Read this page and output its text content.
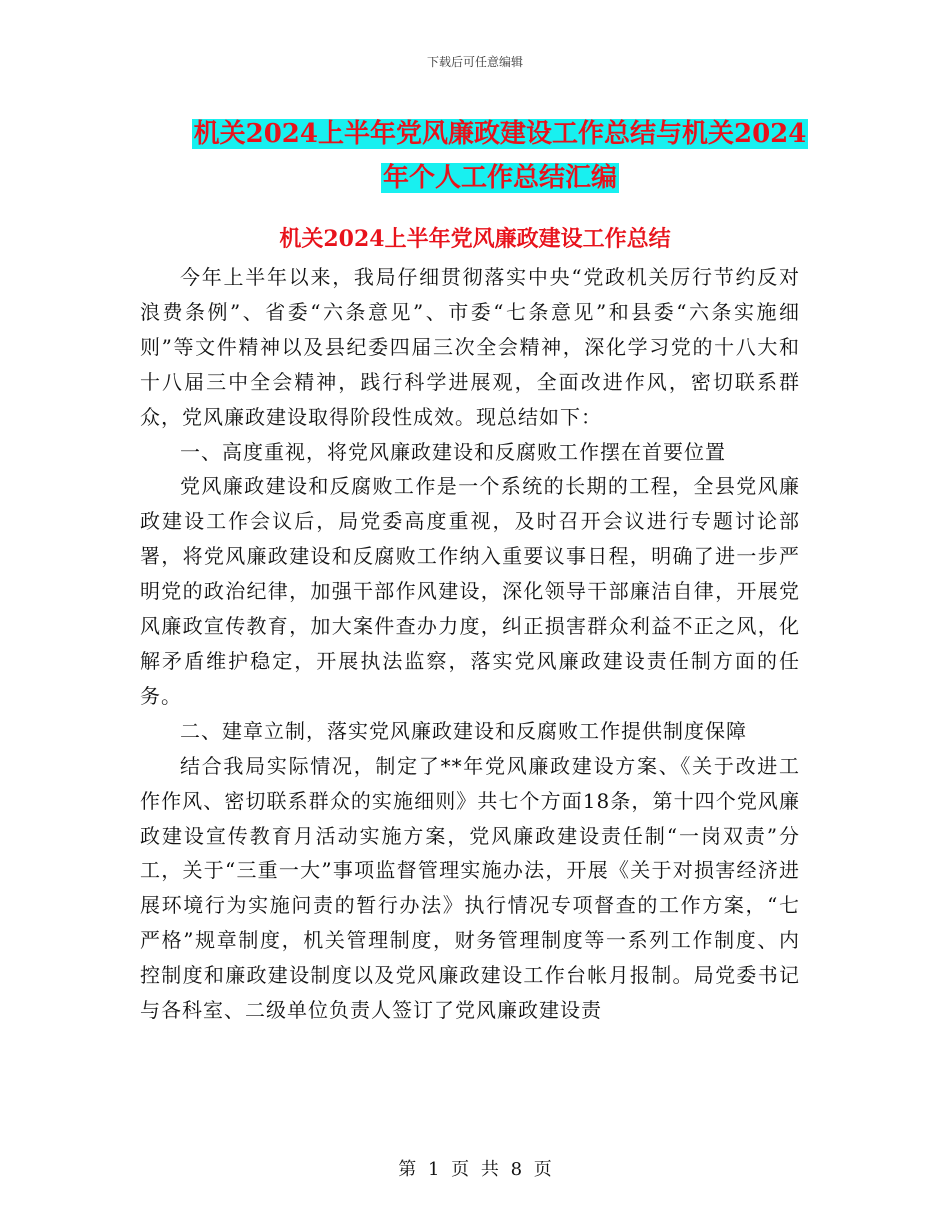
下载后可任意编辑
机关2024上半年党风廉政建设工作总结与机关2024
年个人工作总结汇编
机关2024上半年党风廉政建设工作总结

今年上半年以来，我局仔细贯彻落实中央“党政机关厉行节约反对浪费条例”、省委“六条意见”、市委“七条意见”和县委“六条实施细则”等文件精神以及县纪委四届三次全会精神，深化学习党的十八大和十八届三中全会精神，践行科学进展观，全面改进作风，密切联系群众，党风廉政建设取得阶段性成效。现总结如下：

一、高度重视，将党风廉政建设和反腐败工作摆在首要位置

党风廉政建设和反腐败工作是一个系统的长期的工程，全县党风廉政建设工作会议后，局党委高度重视，及时召开会议进行专题讨论部署，将党风廉政建设和反腐败工作纳入重要议事日程，明确了进一步严明党的政治纪律，加强干部作风建设，深化领导干部廉洁自律，开展党风廉政宣传教育，加大案件查办力度，纠正损害群众利益不正之风，化解矛盾维护稳定，开展执法监察，落实党风廉政建设责任制方面的任务。

二、建章立制，落实党风廉政建设和反腐败工作提供制度保障

结合我局实际情况，制定了**年党风廉政建设方案、《关于改进工作作风、密切联系群众的实施细则》共七个方面18条，第十四个党风廉政建设宣传教育月活动实施方案，党风廉政建设责任制“一岗双责”分工，关于“三重一大”事项监督管理实施办法，开展《关于对损害经济进展环境行为实施问责的暂行办法》执行情况专项督查的工作方案，“七严格”规章制度，机关管理制度，财务管理制度等一系列工作制度、内控制度和廉政建设制度以及党风廉政建设工作台帐月报制。局党委书记与各科室、二级单位负责人签订了党风廉政建设责

第 1 页 共 8 页
